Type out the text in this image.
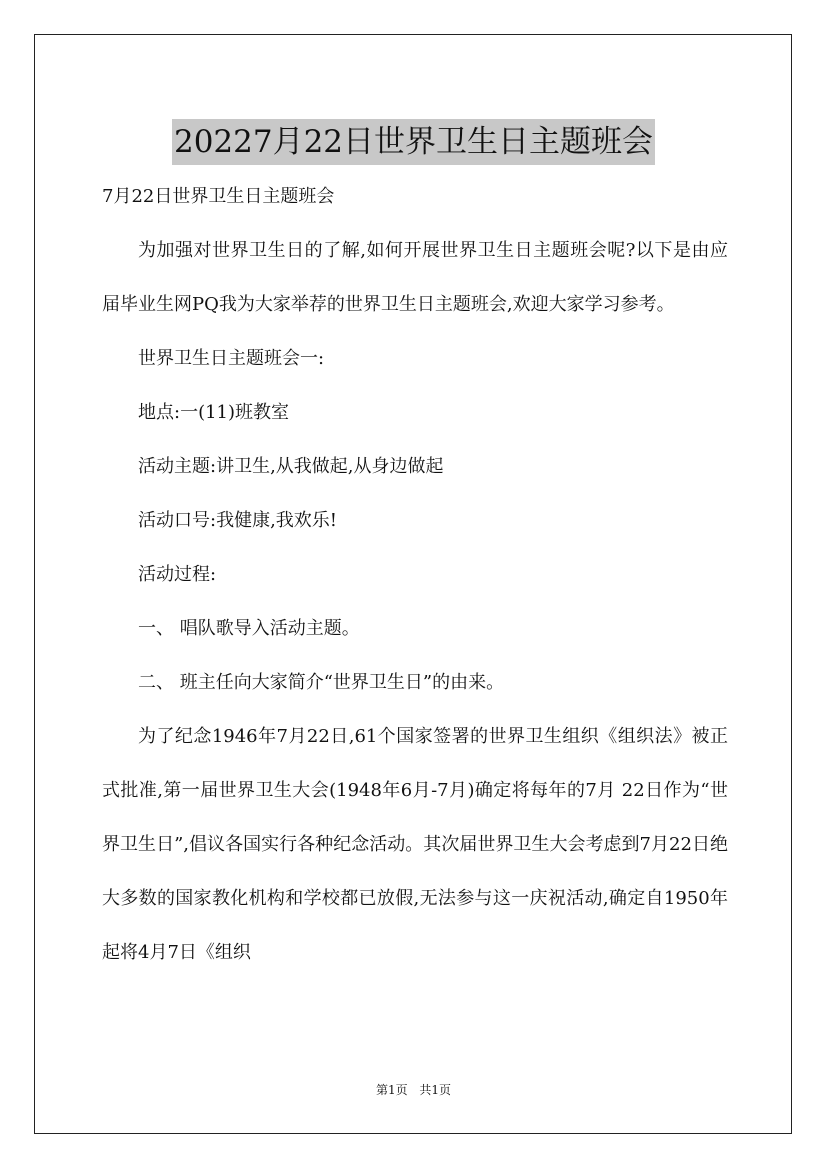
20227月22日世界卫生日主题班会

7月22日世界卫生日主题班会

为加强对世界卫生日的了解,如何开展世界卫生日主题班会呢?以下是由应届毕业生网PQ我为大家举荐的世界卫生日主题班会,欢迎大家学习参考。

世界卫生日主题班会一:

地点:一(11)班教室

活动主题:讲卫生,从我做起,从身边做起

活动口号:我健康,我欢乐!

活动过程:

一、 唱队歌导入活动主题。

二、 班主任向大家简介“世界卫生日”的由来。

为了纪念1946年7月22日,61个国家签署的世界卫生组织《组织法》被正式批准,第一届世界卫生大会(1948年6月-7月)确定将每年的7月 22日作为“世界卫生日”,倡议各国实行各种纪念活动。其次届世界卫生大会考虑到7月22日绝大多数的国家教化机构和学校都已放假,无法参与这一庆祝活动,确定自1950年起将4月7日《组织

第1页 共1页
